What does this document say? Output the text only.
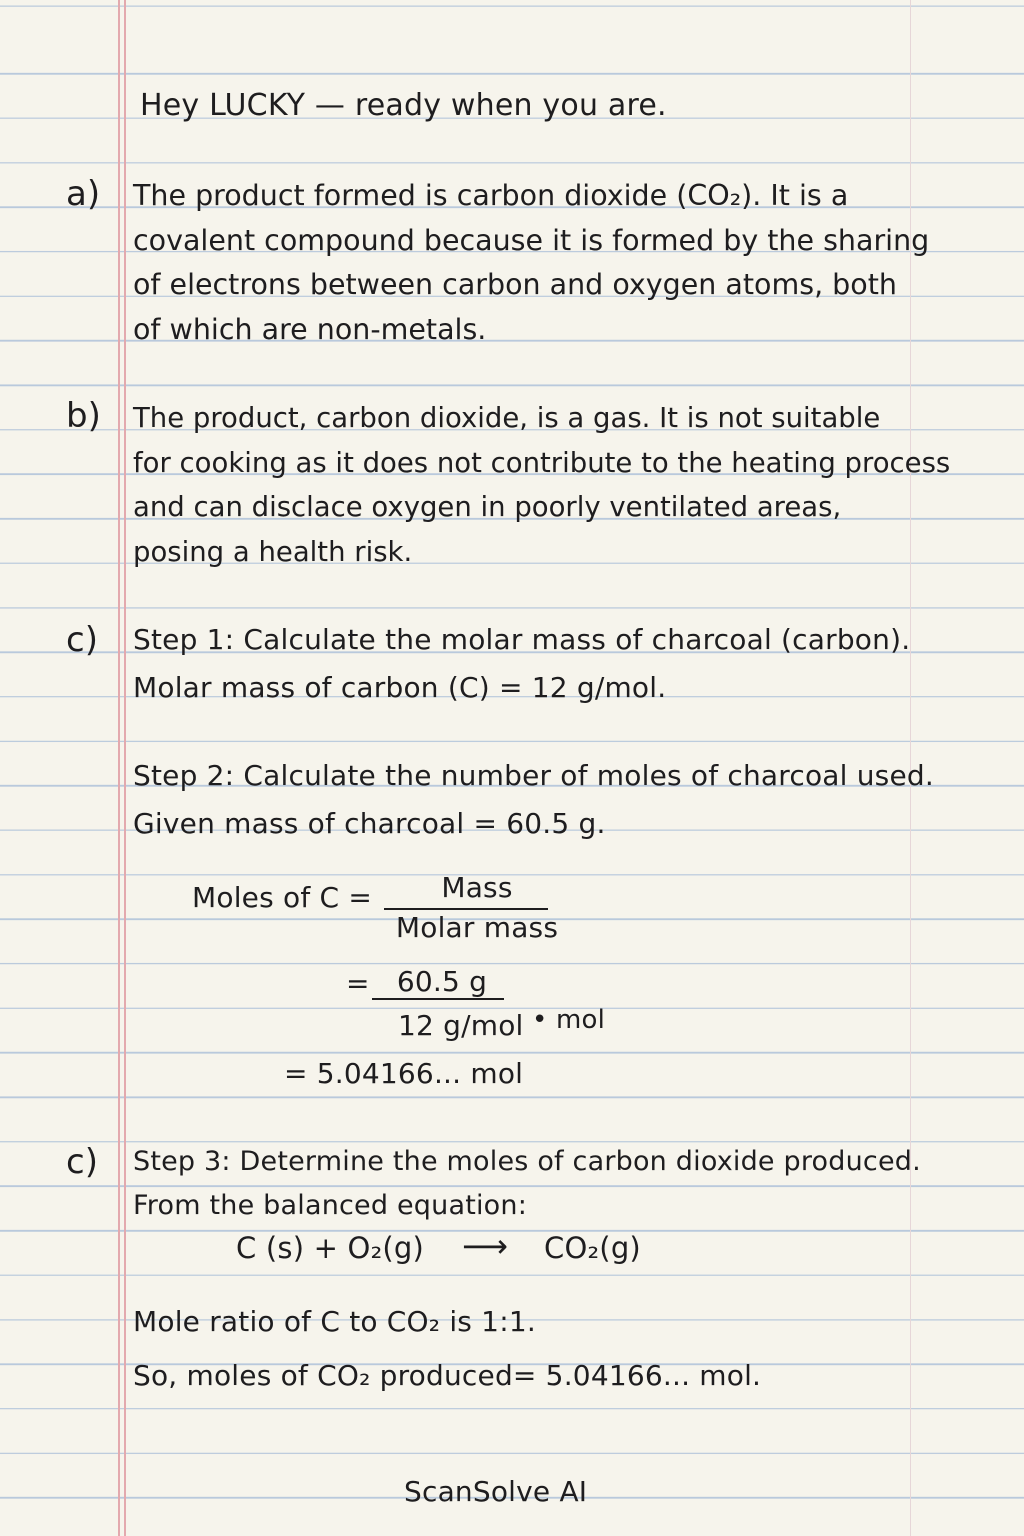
Hey LUCKY — ready when you are.
a) The product formed is carbon dioxide (CO₂). It is a
covalent compound because it is formed by the sharing
of electrons between carbon and oxygen atoms, both
of which are non-metals.
b) The product, carbon dioxide, is a gas. It is not suitable
for cooking as it does not contribute to the heating process
and can disclace oxygen in poorly ventilated areas,
posing a health risk.
c) Step 1: Calculate the molar mass of charcoal (carbon).
Molar mass of carbon (C) = 12 g/mol.
Step 2: Calculate the number of moles of charcoal used.
Given mass of charcoal = 60.5 g.
Moles of C =	Mass
Molar mass
= 60.5 g
12 g/mol • mol
= 5.04166... mol
c) Step 3: Determine the moles of carbon dioxide produced.
From the balanced equation:
C (s) + O₂(g) ⟶ CO₂(g)
Mole ratio of C to CO₂ is 1:1.
So, moles of CO₂ produced= 5.04166... mol.
ScanSolve AI
